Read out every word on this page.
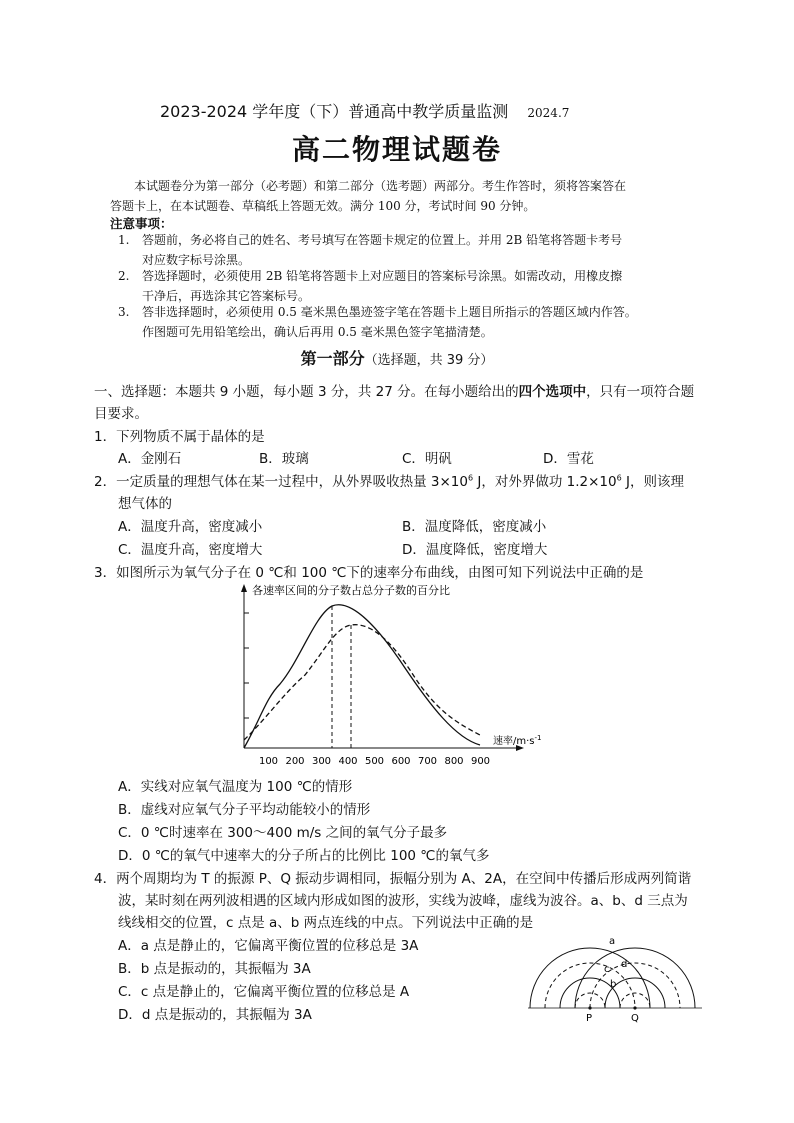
2023-2024 学年度（下）普通高中教学质量监测 2024.7
高二物理试题卷
本试题卷分为第一部分（必考题）和第二部分（选考题）两部分。考生作答时，须将答案答在
答题卡上，在本试题卷、草稿纸上答题无效。满分 100 分，考试时间 90 分钟。
注意事项：
1. 答题前，务必将自己的姓名、考号填写在答题卡规定的位置上。并用 2B 铅笔将答题卡考号
对应数字标号涂黑。
2. 答选择题时，必须使用 2B 铅笔将答题卡上对应题目的答案标号涂黑。如需改动，用橡皮擦
干净后，再选涂其它答案标号。
3. 答非选择题时，必须使用 0.5 毫米黑色墨迹签字笔在答题卡上题目所指示的答题区域内作答。
作图题可先用铅笔绘出，确认后再用 0.5 毫米黑色签字笔描清楚。
第一部分（选择题，共 39 分）
一、选择题：本题共 9 小题，每小题 3 分，共 27 分。在每小题给出的四个选项中，只有一项符合题
目要求。
1．下列物质不属于晶体的是
A．金刚石	B．玻璃	C．明矾	D．雪花
2．一定质量的理想气体在某一过程中，从外界吸收热量 $3\times 10^6$ J，对外界做功 $1.2\times 10^6$ J，则该理
想气体的
A．温度升高，密度减小	B．温度降低，密度减小
C．温度升高，密度增大	D．温度降低，密度增大
3．如图所示为氧气分子在 0 ℃和 100 ℃下的速率分布曲线，由图可知下列说法中正确的是
各速率区间的分子数占总分子数的百分比
速率$/m\cdot s^{-1}$
100 200 300 400 500 600 700 800 900
A．实线对应氧气温度为 100 ℃的情形
B．虚线对应氧气分子平均动能较小的情形
C．0 ℃时速率在 300～400 m/s 之间的氧气分子最多
D．0 ℃的氧气中速率大的分子所占的比例比 100 ℃的氧气多
4．两个周期均为 T 的振源 P、Q 振动步调相同，振幅分别为 A、2A，在空间中传播后形成两列简谐
波，某时刻在两列波相遇的区域内形成如图的波形，实线为波峰，虚线为波谷。a、b、d 三点为
线线相交的位置，c 点是 a、b 两点连线的中点。下列说法中正确的是
A．a 点是静止的，它偏离平衡位置的位移总是 3A
B．b 点是振动的，其振幅为 3A
C．c 点是静止的，它偏离平衡位置的位移总是 A
D．d 点是振动的，其振幅为 3A
a
c d
b
P	Q
